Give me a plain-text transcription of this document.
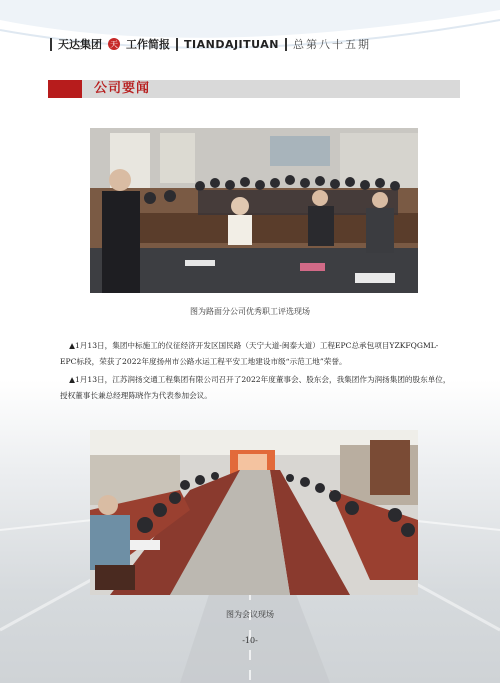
天达集团 天 工作简报 TIANDAJITUAN 总第八十五期
公司要闻
图为路面分公司优秀职工评选现场

▲1月13日，集团中标施工的仪征经济开发区国民路（天宁大道-闽泰大道）工程EPC总承包项目YZKFQGML-EPC标段，荣获了2022年度扬州市公路水运工程平安工地建设市级“示范工地”荣誉。

▲1月13日，江苏润扬交通工程集团有限公司召开了2022年度董事会、股东会，我集团作为润扬集团的股东单位，授权董事长兼总经理陈晓作为代表参加会议。

图为会议现场
-10-
